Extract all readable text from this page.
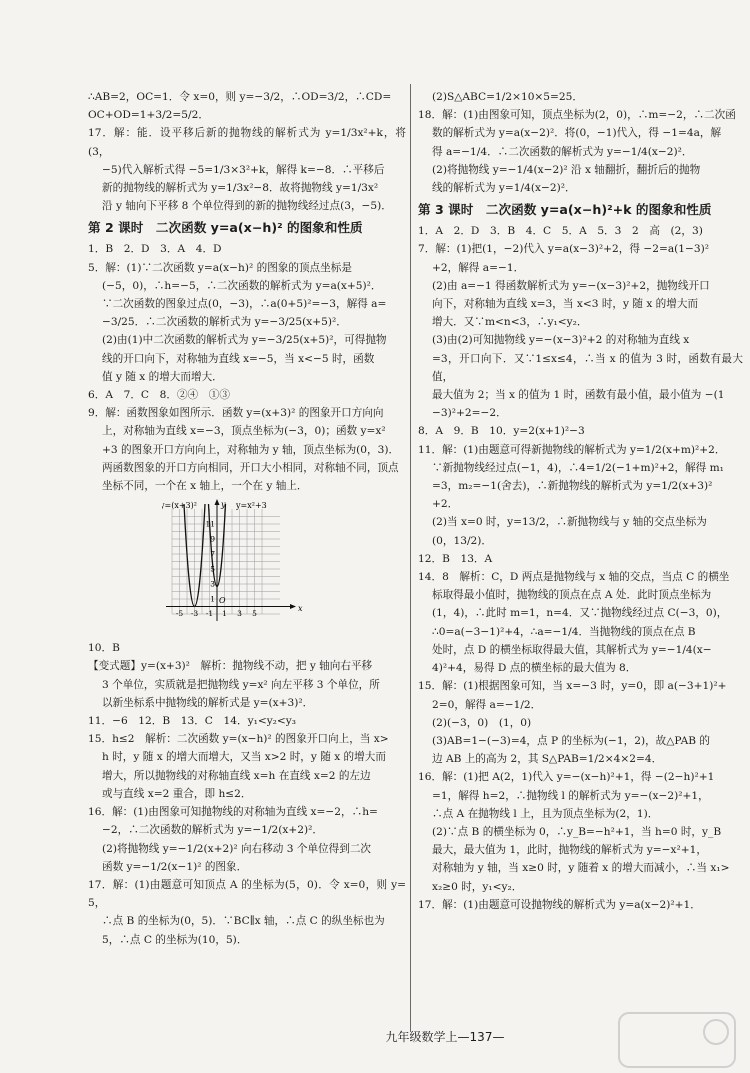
∴AB=2，OC=1．令 x=0，则 y=−3/2，∴OD=3/2，∴CD=

OC+OD=1+3/2=5/2．

17．解：能．设平移后新的抛物线的解析式为 y=1/3x²+k，将(3，

−5)代入解析式得 −5=1/3×3²+k，解得 k=−8．∴平移后

新的抛物线的解析式为 y=1/3x²−8．故将抛物线 y=1/3x²

沿 y 轴向下平移 8 个单位得到的新的抛物线经过点(3，−5)．

第 2 课时　二次函数 y=a(x−h)² 的图象和性质

1．B　2．D　3．A　4．D

5．解：(1)∵二次函数 y=a(x−h)² 的图象的顶点坐标是

(−5，0)，∴h=−5，∴二次函数的解析式为 y=a(x+5)²．

∵二次函数的图象过点(0，−3)，∴a(0+5)²=−3，解得 a=

−3/25．∴二次函数的解析式为 y=−3/25(x+5)²．

(2)由(1)中二次函数的解析式为 y=−3/25(x+5)²，可得抛物

线的开口向下，对称轴为直线 x=−5，当 x<−5 时，函数

值 y 随 x 的增大而增大．

6．A　7．C　8．②④　①③

9．解：函数图象如图所示．函数 y=(x+3)² 的图象开口方向向

上，对称轴为直线 x=−3，顶点坐标为(−3，0)；函数 y=x²

+3 的图象开口方向向上，对称轴为 y 轴，顶点坐标为(0，3)．

两函数图象的开口方向相同，开口大小相同，对称轴不同，顶点

坐标不同，一个在 x 轴上，一个在 y 轴上．

y=(x+3)²	y=x²+3
y
x
O
11
9
7
5
3
1
-5 -3 -1 1 3 5

10．B

【变式题】y=(x+3)²　解析：抛物线不动，把 y 轴向右平移

3 个单位，实质就是把抛物线 y=x² 向左平移 3 个单位，所

以新坐标系中抛物线的解析式是 y=(x+3)²．

11．−6　12．B　13．C　14．y₁<y₂<y₃

15．h≤2　解析：二次函数 y=(x−h)² 的图象开口向上，当 x>

h 时，y 随 x 的增大而增大，又当 x>2 时，y 随 x 的增大而

增大，所以抛物线的对称轴直线 x=h 在直线 x=2 的左边

或与直线 x=2 重合，即 h≤2．

16．解：(1)由图象可知抛物线的对称轴为直线 x=−2，∴h=

−2，∴二次函数的解析式为 y=−1/2(x+2)²．

(2)将抛物线 y=−1/2(x+2)² 向右移动 3 个单位得到二次

函数 y=−1/2(x−1)² 的图象．

17．解：(1)由题意可知顶点 A 的坐标为(5，0)．令 x=0，则 y=5，

∴点 B 的坐标为(0，5)．∵BC∥x 轴，∴点 C 的纵坐标也为

5，∴点 C 的坐标为(10，5)．

(2)S△ABC=1/2×10×5=25．

18．解：(1)由图象可知，顶点坐标为(2，0)，∴m=−2，∴二次函

数的解析式为 y=a(x−2)²．将(0，−1)代入，得 −1=4a，解

得 a=−1/4．∴二次函数的解析式为 y=−1/4(x−2)²．

(2)将抛物线 y=−1/4(x−2)² 沿 x 轴翻折，翻折后的抛物

线的解析式为 y=1/4(x−2)²．

第 3 课时　二次函数 y=a(x−h)²+k 的图象和性质

1．A　2．D　3．B　4．C　5．A　5．3　2　高　(2，3)

7．解：(1)把(1，−2)代入 y=a(x−3)²+2，得 −2=a(1−3)²

+2，解得 a=−1．

(2)由 a=−1 得函数解析式为 y=−(x−3)²+2，抛物线开口

向下，对称轴为直线 x=3，当 x<3 时，y 随 x 的增大而

增大．又∵m<n<3，∴y₁<y₂．

(3)由(2)可知抛物线 y=−(x−3)²+2 的对称轴为直线 x

=3，开口向下．又∵1≤x≤4，∴当 x 的值为 3 时，函数有最大值，

最大值为 2；当 x 的值为 1 时，函数有最小值，最小值为 −(1

−3)²+2=−2．

8．A　9．B　10．y=2(x+1)²−3

11．解：(1)由题意可得新抛物线的解析式为 y=1/2(x+m)²+2．

∵新抛物线经过点(−1，4)，∴4=1/2(−1+m)²+2，解得 m₁

=3，m₂=−1(舍去)，∴新抛物线的解析式为 y=1/2(x+3)²

+2．

(2)当 x=0 时，y=13/2，∴新抛物线与 y 轴的交点坐标为

(0，13/2)．

12．B　13．A

14．8　解析：C，D 两点是抛物线与 x 轴的交点，当点 C 的横坐

标取得最小值时，抛物线的顶点在点 A 处．此时顶点坐标为

(1，4)，∴此时 m=1，n=4．又∵抛物线经过点 C(−3，0)，

∴0=a(−3−1)²+4，∴a=−1/4．当抛物线的顶点在点 B

处时，点 D 的横坐标取得最大值，其解析式为 y=−1/4(x−

4)²+4，易得 D 点的横坐标的最大值为 8．

15．解：(1)根据图象可知，当 x=−3 时，y=0，即 a(−3+1)²+

2=0，解得 a=−1/2．

(2)(−3，0)　(1，0)

(3)AB=1−(−3)=4，点 P 的坐标为(−1，2)，故△PAB 的

边 AB 上的高为 2，其 S△PAB=1/2×4×2=4．

16．解：(1)把 A(2，1)代入 y=−(x−h)²+1，得 −(2−h)²+1

=1，解得 h=2，∴抛物线 l 的解析式为 y=−(x−2)²+1，

∴点 A 在抛物线 l 上，且为顶点坐标为(2，1)．

(2)∵点 B 的横坐标为 0，∴y_B=−h²+1，当 h=0 时，y_B

最大，最大值为 1，此时，抛物线的解析式为 y=−x²+1，

对称轴为 y 轴，当 x≥0 时，y 随着 x 的增大而减小，∴当 x₁>

x₂≥0 时，y₁<y₂．

17．解：(1)由题意可设抛物线的解析式为 y=a(x−2)²+1．

九年级数学上—137—
